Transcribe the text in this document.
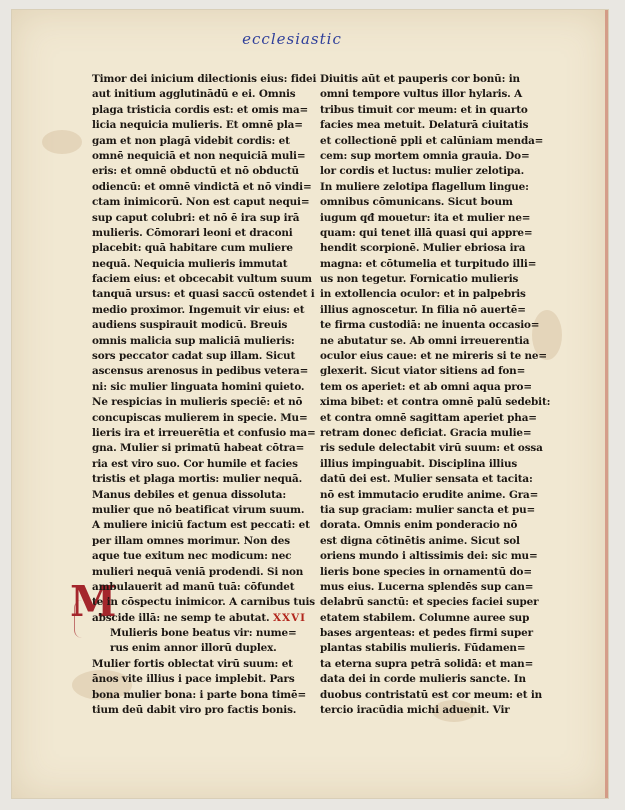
ecclesiastic
M
Timor dei inicium dilectionis eius: fidei
aut initium agglutinādū e ei. Omnis
plaga tristicia cordis est: et omis ma=
licia nequicia mulieris. Et omnē pla=
gam et non plagā videbit cordis: et
omnē nequiciā et non nequiciā muli=
eris: et omnē obductū et nō obductū
odiencū: et omnē vindictā et nō vindi=
ctam inimicorū. Non est caput nequi=
sup caput colubri: et nō ē ira sup irā
mulieris. Cōmorari leoni et draconi
placebit: quā habitare cum muliere
nequā. Nequicia mulieris immutat
faciem eius: et obcecabit vultum suum
tanquā ursus: et quasi saccū ostendet i
medio proximor. Ingemuit vir eius: et
audiens suspirauit modicū. Breuis
omnis malicia sup maliciā mulieris:
sors peccator cadat sup illam. Sicut
ascensus arenosus in pedibus vetera=
ni: sic mulier linguata homini quieto.
Ne respicias in mulieris speciē: et nō
concupiscas mulierem in specie. Mu=
lieris ira et irreuerētia et confusio ma=
gna. Mulier si primatū habeat cōtra=
ria est viro suo. Cor humile et facies
tristis et plaga mortis: mulier nequā.
Manus debiles et genua dissoluta:
mulier que nō beatificat virum suum.
A muliere iniciū factum est peccati: et
per illam omnes morimur. Non des
aque tue exitum nec modicum: nec
mulieri nequā veniā prodendi. Si non
ambulauerit ad manū tuā: cōfundet
te in cōspectu inimicor. A carnibus tuis
abscide illā: ne semp te abutat. XXVI
Mulieris bone beatus vir: nume=
rus enim annor illorū duplex.
Mulier fortis oblectat virū suum: et
ānos vite illius i pace implebit. Pars
bona mulier bona: i parte bona timē=
tium deū dabit viro pro factis bonis.
Diuitis aūt et pauperis cor bonū: in
omni tempore vultus illor hylaris. A
tribus timuit cor meum: et in quarto
facies mea metuit. Delaturā ciuitatis
et collectionē ppli et calūniam menda=
cem: sup mortem omnia grauia. Do=
lor cordis et luctus: mulier zelotipa.
In muliere zelotipa flagellum lingue:
omnibus cōmunicans. Sicut boum
iugum qđ mouetur: ita et mulier ne=
quam: qui tenet illā quasi qui appre=
hendit scorpionē. Mulier ebriosa ira
magna: et cōtumelia et turpitudo illi=
us non tegetur. Fornicatio mulieris
in extollencia oculor: et in palpebris
illius agnoscetur. In filia nō auertē=
te firma custodiā: ne inuenta occasio=
ne abutatur se. Ab omni irreuerentia
oculor eius caue: et ne mireris si te ne=
glexerit. Sicut viator sitiens ad fon=
tem os aperiet: et ab omni aqua pro=
xima bibet: et contra omnē palū sedebit:
et contra omnē sagittam aperiet pha=
retram donec deficiat. Gracia mulie=
ris sedule delectabit virū suum: et ossa
illius impinguabit. Disciplina illius
datū dei est. Mulier sensata et tacita:
nō est immutacio erudite anime. Gra=
tia sup graciam: mulier sancta et pu=
dorata. Omnis enim ponderacio nō
est digna cōtinētis anime. Sicut sol
oriens mundo i altissimis dei: sic mu=
lieris bone species in ornamentū do=
mus eius. Lucerna splendēs sup can=
delabrū sanctū: et species faciei super
etatem stabilem. Columne auree sup
bases argenteas: et pedes firmi super
plantas stabilis mulieris. Fūdamen=
ta eterna supra petrā solidā: et man=
data dei in corde mulieris sancte. In
duobus contristatū est cor meum: et in
tercio iracūdia michi aduenit. Vir
